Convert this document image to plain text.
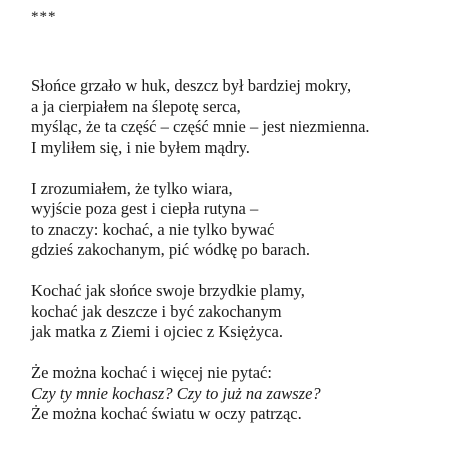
***
Słońce grzało w huk, deszcz był bardziej mokry,
a ja cierpiałem na ślepotę serca,
myśląc, że ta część – część mnie – jest niezmienna.
I myliłem się, i nie byłem mądry.
I zrozumiałem, że tylko wiara,
wyjście poza gest i ciepła rutyna –
to znaczy: kochać, a nie tylko bywać
gdzieś zakochanym, pić wódkę po barach.
Kochać jak słońce swoje brzydkie plamy,
kochać jak deszcze i być zakochanym
jak matka z Ziemi i ojciec z Księżyca.
Że można kochać i więcej nie pytać:
Czy ty mnie kochasz? Czy to już na zawsze?
Że można kochać światu w oczy patrząc.
